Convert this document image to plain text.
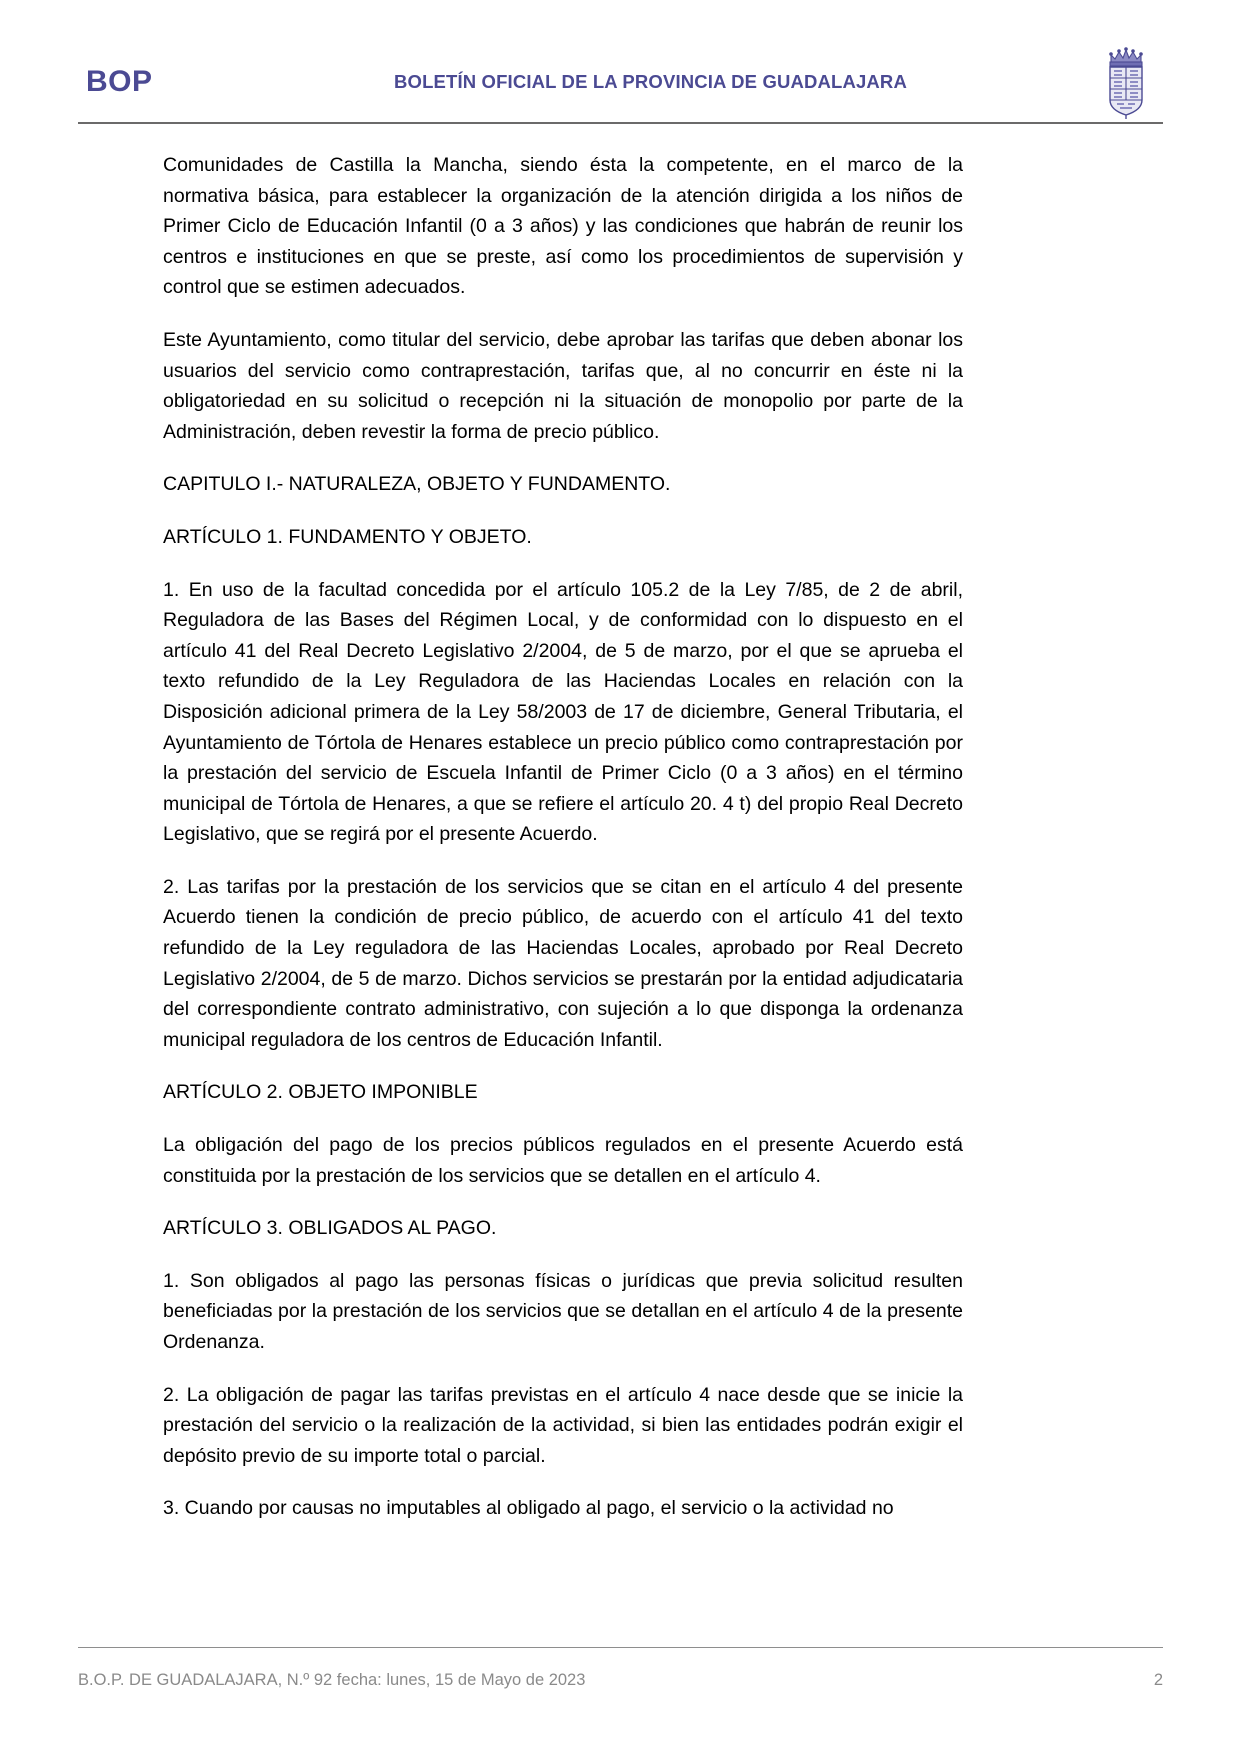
BOP	BOLETÍN OFICIAL DE LA PROVINCIA DE GUADALAJARA

Comunidades de Castilla la Mancha, siendo ésta la competente, en el marco de la normativa básica, para establecer la organización de la atención dirigida a los niños de Primer Ciclo de Educación Infantil (0 a 3 años) y las condiciones que habrán de reunir los centros e instituciones en que se preste, así como los procedimientos de supervisión y control que se estimen adecuados.

Este Ayuntamiento, como titular del servicio, debe aprobar las tarifas que deben abonar los usuarios del servicio como contraprestación, tarifas que, al no concurrir en éste ni la obligatoriedad en su solicitud o recepción ni la situación de monopolio por parte de la Administración, deben revestir la forma de precio público.

CAPITULO I.- NATURALEZA, OBJETO Y FUNDAMENTO.

ARTÍCULO 1. FUNDAMENTO Y OBJETO.

1. En uso de la facultad concedida por el artículo 105.2 de la Ley 7/85, de 2 de abril, Reguladora de las Bases del Régimen Local, y de conformidad con lo dispuesto en el artículo 41 del Real Decreto Legislativo 2/2004, de 5 de marzo, por el que se aprueba el texto refundido de la Ley Reguladora de las Haciendas Locales en relación con la Disposición adicional primera de la Ley 58/2003 de 17 de diciembre, General Tributaria, el Ayuntamiento de Tórtola de Henares establece un precio público como contraprestación por la prestación del servicio de Escuela Infantil de Primer Ciclo (0 a 3 años) en el término municipal de Tórtola de Henares, a que se refiere el artículo 20. 4 t) del propio Real Decreto Legislativo, que se regirá por el presente Acuerdo.

2. Las tarifas por la prestación de los servicios que se citan en el artículo 4 del presente Acuerdo tienen la condición de precio público, de acuerdo con el artículo 41 del texto refundido de la Ley reguladora de las Haciendas Locales, aprobado por Real Decreto Legislativo 2/2004, de 5 de marzo. Dichos servicios se prestarán por la entidad adjudicataria del correspondiente contrato administrativo, con sujeción a lo que disponga la ordenanza municipal reguladora de los centros de Educación Infantil.

ARTÍCULO 2. OBJETO IMPONIBLE

La obligación del pago de los precios públicos regulados en el presente Acuerdo está constituida por la prestación de los servicios que se detallen en el artículo 4.

ARTÍCULO 3. OBLIGADOS AL PAGO.

1. Son obligados al pago las personas físicas o jurídicas que previa solicitud resulten beneficiadas por la prestación de los servicios que se detallan en el artículo 4 de la presente Ordenanza.

2. La obligación de pagar las tarifas previstas en el artículo 4 nace desde que se inicie la prestación del servicio o la realización de la actividad, si bien las entidades podrán exigir el depósito previo de su importe total o parcial.

3. Cuando por causas no imputables al obligado al pago, el servicio o la actividad no

B.O.P. DE GUADALAJARA, N.º 92 fecha: lunes, 15 de Mayo de 2023	2
